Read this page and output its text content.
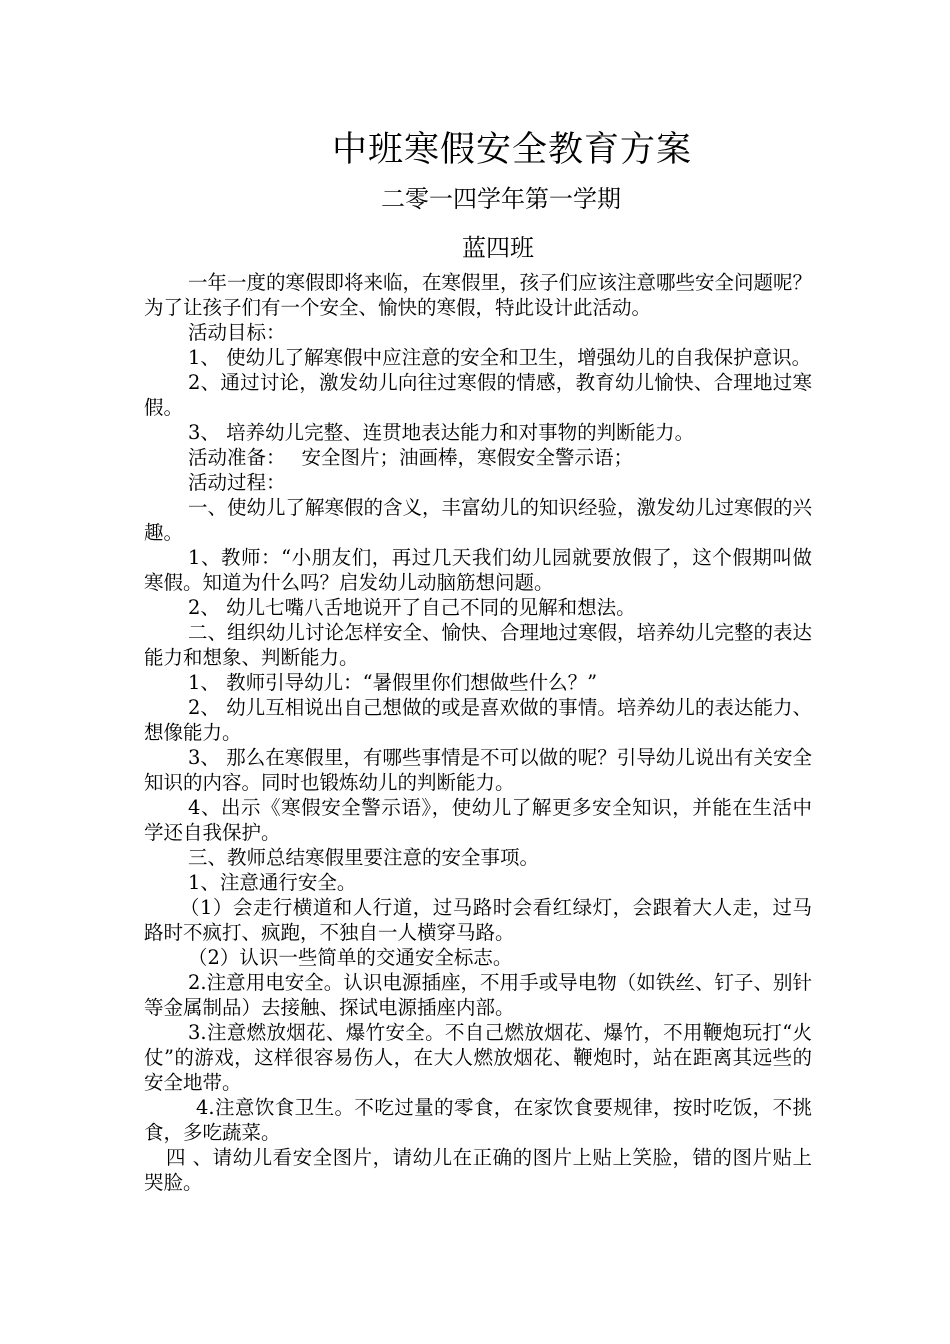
中班寒假安全教育方案
二零一四学年第一学期
蓝四班

一年一度的寒假即将来临，在寒假里，孩子们应该注意哪些安全问题呢？为了让孩子们有一个安全、愉快的寒假，特此设计此活动。

活动目标：

1、 使幼儿了解寒假中应注意的安全和卫生，增强幼儿的自我保护意识。

2、通过讨论，激发幼儿向往过寒假的情感，教育幼儿愉快、合理地过寒假。

3、 培养幼儿完整、连贯地表达能力和对事物的判断能力。

活动准备：　 安全图片；油画棒，寒假安全警示语；

活动过程：

一、使幼儿了解寒假的含义，丰富幼儿的知识经验，激发幼儿过寒假的兴趣。

1、教师：“小朋友们，再过几天我们幼儿园就要放假了，这个假期叫做寒假。知道为什么吗？启发幼儿动脑筋想问题。

2、 幼儿七嘴八舌地说开了自己不同的见解和想法。

二、组织幼儿讨论怎样安全、愉快、合理地过寒假，培养幼儿完整的表达能力和想象、判断能力。

1、 教师引导幼儿：“暑假里你们想做些什么？”

2、 幼儿互相说出自己想做的或是喜欢做的事情。培养幼儿的表达能力、想像能力。

3、 那么在寒假里，有哪些事情是不可以做的呢？引导幼儿说出有关安全知识的内容。同时也锻炼幼儿的判断能力。

4、出示《寒假安全警示语》，使幼儿了解更多安全知识，并能在生活中学还自我保护。

三、教师总结寒假里要注意的安全事项。

1、注意通行安全。

（1）会走行横道和人行道，过马路时会看红绿灯，会跟着大人走，过马路时不疯打、疯跑，不独自一人横穿马路。

（2）认识一些简单的交通安全标志。

2.注意用电安全。认识电源插座，不用手或导电物（如铁丝、钉子、别针等金属制品）去接触、探试电源插座内部。

3.注意燃放烟花、爆竹安全。不自己燃放烟花、爆竹，不用鞭炮玩打“火仗”的游戏，这样很容易伤人，在大人燃放烟花、鞭炮时，站在距离其远些的安全地带。

4.注意饮食卫生。不吃过量的零食，在家饮食要规律，按时吃饭，不挑食，多吃蔬菜。

四 、请幼儿看安全图片，请幼儿在正确的图片上贴上笑脸，错的图片贴上哭脸。
